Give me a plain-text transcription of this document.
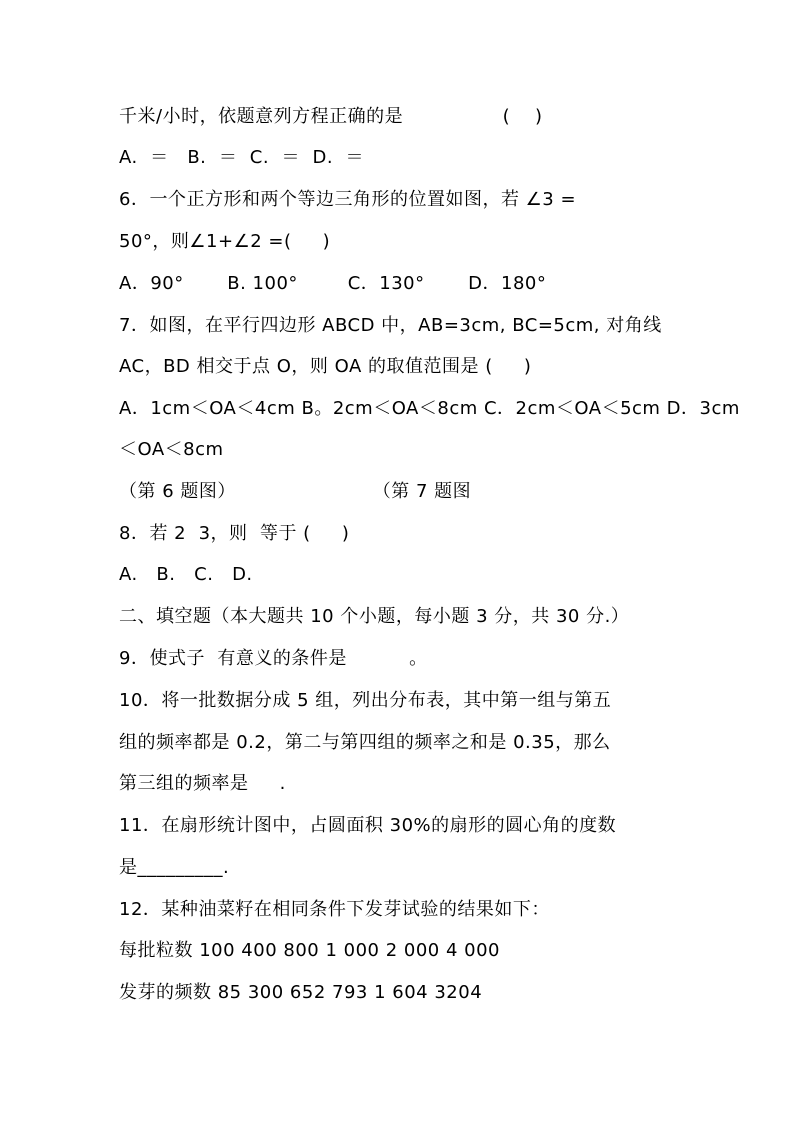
千米/小时，依题意列方程正确的是                (    )
A.  ＝   B.  ＝  C.  ＝  D.  ＝
6．一个正方形和两个等边三角形的位置如图，若 ∠3 =
50°，则∠1+∠2 =(     )
A．90°       B. 100°        C．130°       D．180°
7．如图，在平行四边形 ABCD 中，AB=3cm, BC=5cm, 对角线
AC，BD 相交于点 O，则 OA 的取值范围是 (     )
A．1cm＜OA＜4cm B。2cm＜OA＜8cm C．2cm＜OA＜5cm D．3cm
＜OA＜8cm
（第 6 题图）                      （第 7 题图
8．若 2  3，则  等于 (     )
A.   B.   C.   D.
二、填空题（本大题共 10 个小题，每小题 3 分，共 30 分.）
9．使式子  有意义的条件是          。
10．将一批数据分成 5 组，列出分布表，其中第一组与第五
组的频率都是 0.2，第二与第四组的频率之和是 0.35，那么
第三组的频率是     .
11．在扇形统计图中，占圆面积 30%的扇形的圆心角的度数
是_________.
12．某种油菜籽在相同条件下发芽试验的结果如下：
每批粒数 100 400 800 1 000 2 000 4 000
发芽的频数 85 300 652 793 1 604 3204
